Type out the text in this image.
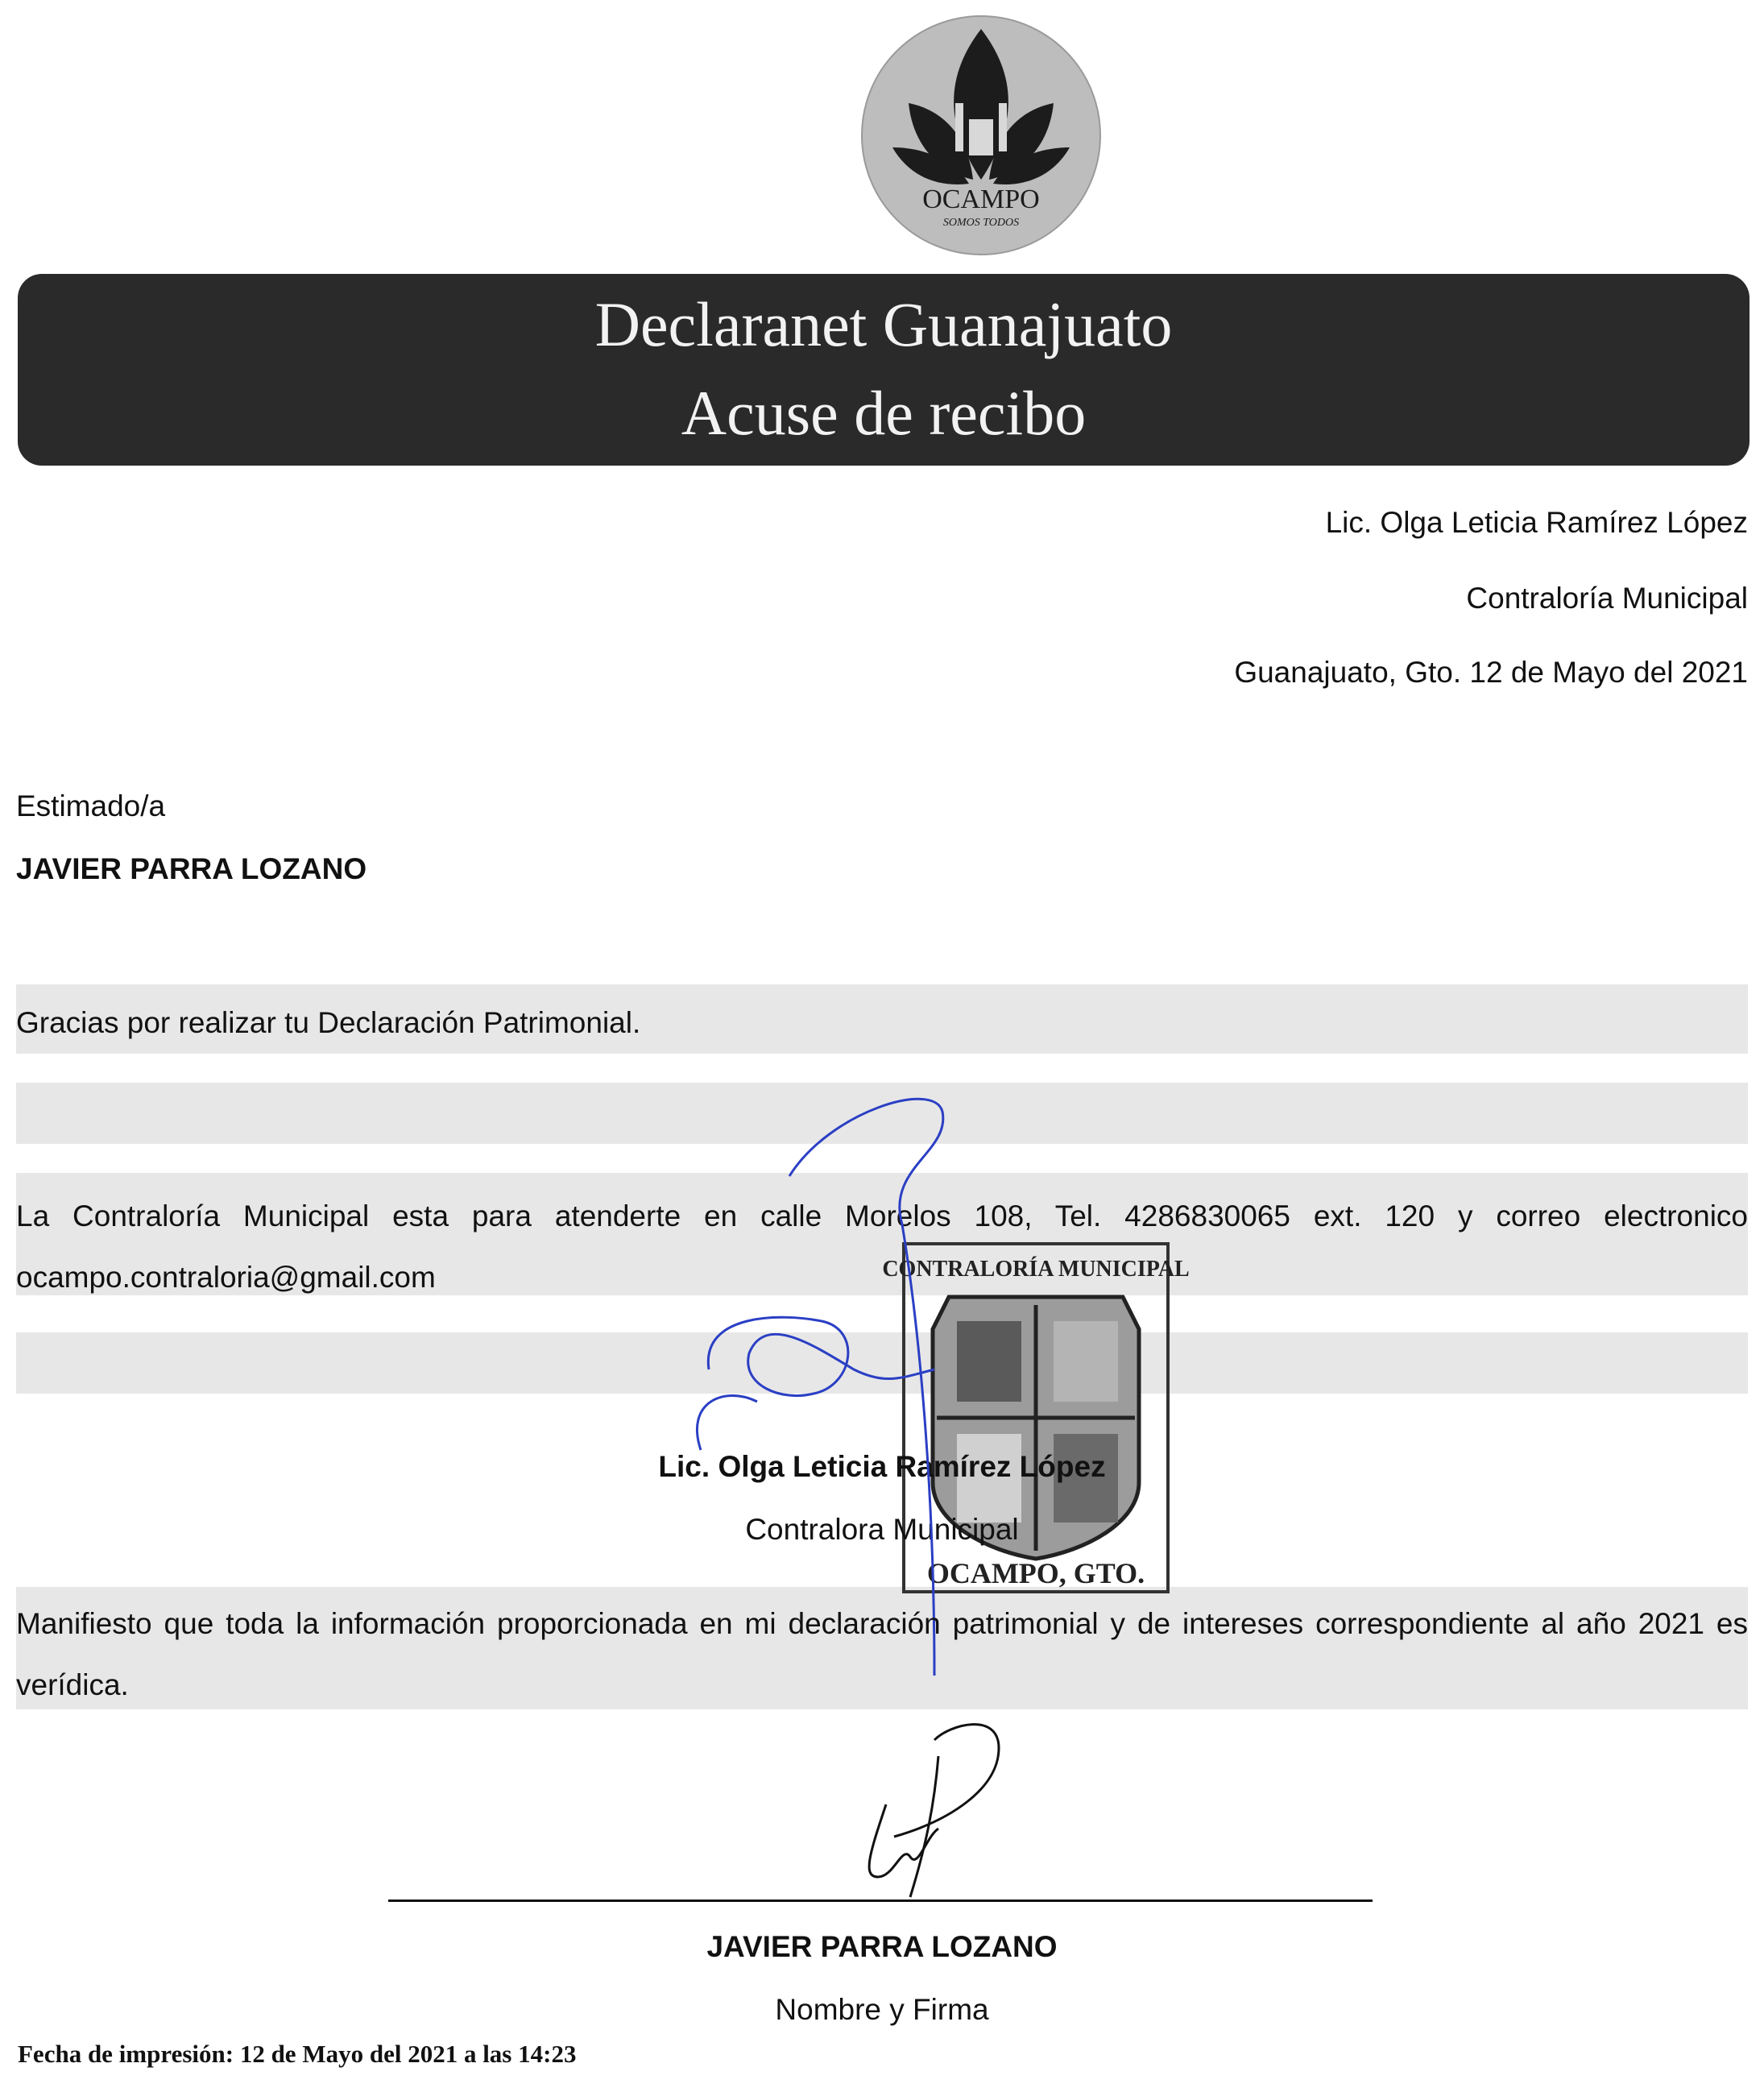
OCAMPO
SOMOS TODOS
Declaranet Guanajuato
Acuse de recibo
Lic. Olga Leticia Ramírez López
Contraloría Municipal
Guanajuato, Gto. 12 de Mayo del 2021
Estimado/a
JAVIER PARRA LOZANO
Gracias por realizar tu Declaración Patrimonial.
La Contraloría Municipal esta para atenderte en calle Morelos 108, Tel. 4286830065 ext. 120 y correo electronico ocampo.contraloria@gmail.com	CONTRALORÍA MUNICIPAL
OCAMPO, GTO.
Lic. Olga Leticia Ramírez López
Contralora Municipal
Manifiesto que toda la información proporcionada en mi declaración patrimonial y de intereses correspondiente al año 2021 es verídica.
JAVIER PARRA LOZANO
Nombre y Firma
Fecha de impresión: 12 de Mayo del 2021 a las 14:23
